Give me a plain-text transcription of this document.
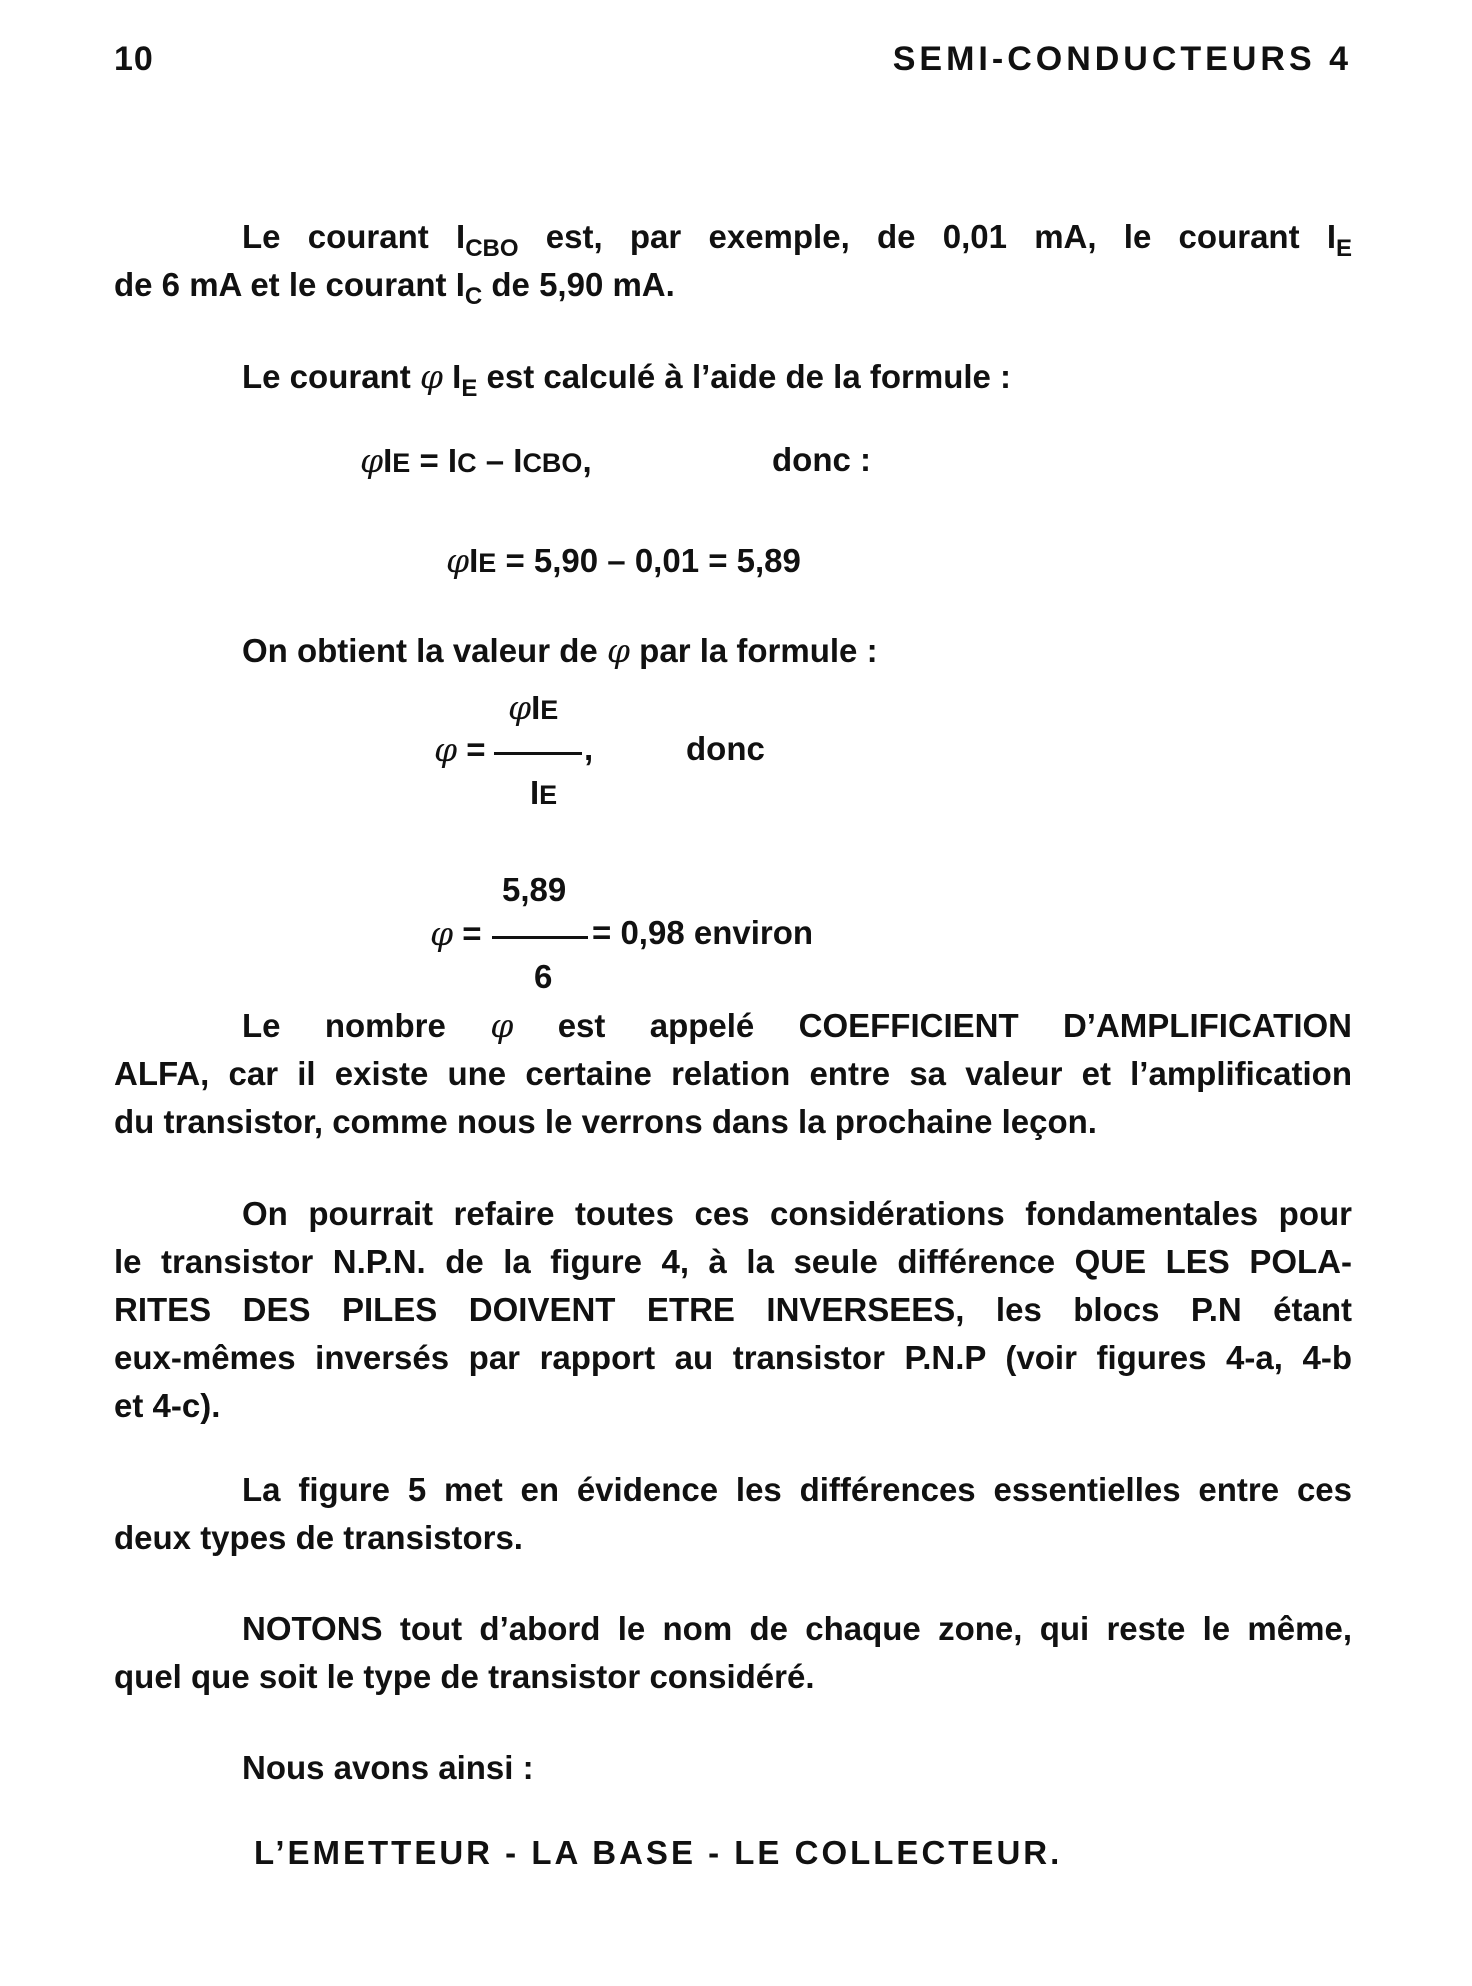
10	SEMI-CONDUCTEURS 4
Le courant $I_{CBO}$ est, par exemple, de 0,01 mA, le courant $I_E$
de 6 mA et le courant $I_C$ de 5,90 mA.
Le courant φ $I_E$ est calculé à l’aide de la formule :
φIE = IC – ICBO,	donc :
φIE = 5,90 – 0,01 = 5,89
On obtient la valeur de φ par la formule :
φIE
φ =	,
IE
donc
5,89
φ =	= 0,98 environ
6
Le nombre φ est appelé COEFFICIENT D’AMPLIFICATION
ALFA, car il existe une certaine relation entre sa valeur et l’amplification
du transistor, comme nous le verrons dans la prochaine leçon.
On pourrait refaire toutes ces considérations fondamentales pour
le transistor N.P.N. de la figure 4, à la seule différence QUE LES POLA-
RITES DES PILES DOIVENT ETRE INVERSEES, les blocs P.N étant
eux-mêmes inversés par rapport au transistor P.N.P (voir figures 4-a, 4-b
et 4-c).
La figure 5 met en évidence les différences essentielles entre ces
deux types de transistors.
NOTONS tout d’abord le nom de chaque zone, qui reste le même,
quel que soit le type de transistor considéré.
Nous avons ainsi :
L’EMETTEUR - LA BASE - LE COLLECTEUR.
